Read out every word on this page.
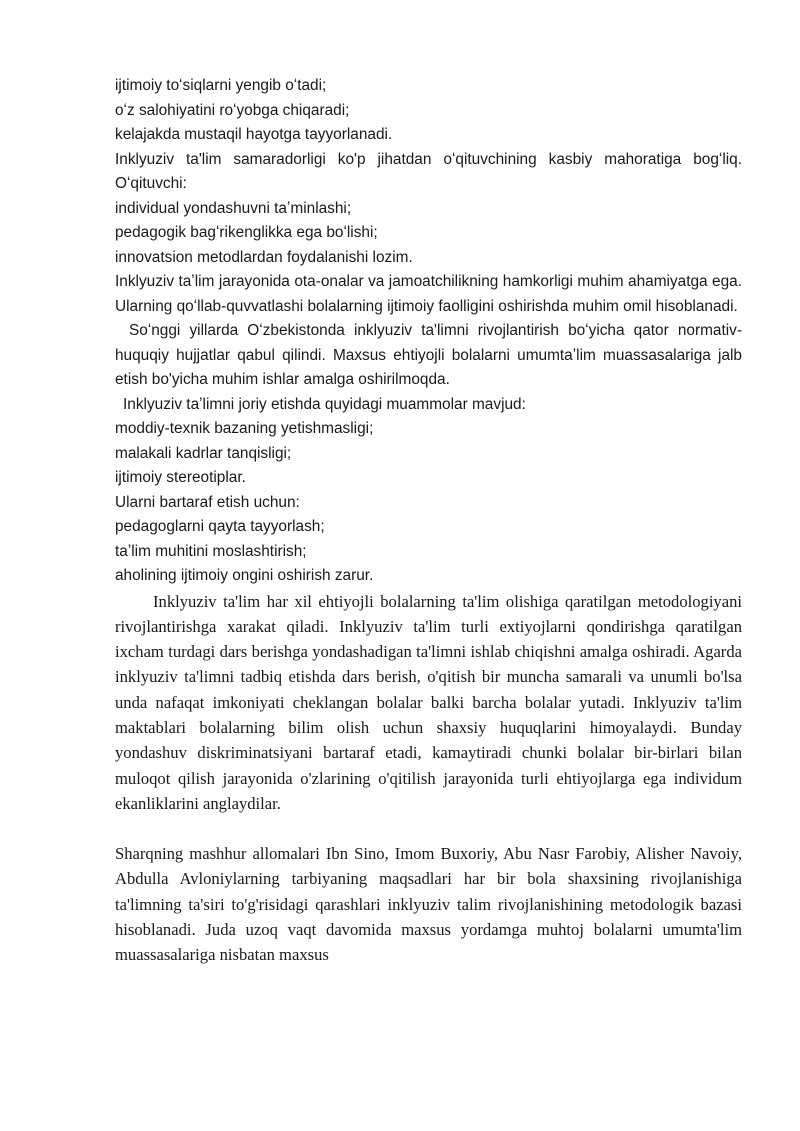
ijtimoiy toʻsiqlarni yengib oʻtadi;
oʻz salohiyatini roʻyobga chiqaradi;
kelajakda mustaqil hayotga tayyorlanadi.

Inklyuziv ta'lim samaradorligi ko'p jihatdan oʻqituvchining kasbiy mahoratiga bogʻliq. Oʻqituvchi:

individual yondashuvni taʼminlashi;
pedagogik bagʻrikenglikka ega boʻlishi;
innovatsion metodlardan foydalanishi lozim.

Inklyuziv taʼlim jarayonida ota-onalar va jamoatchilikning hamkorligi muhim ahamiyatga ega. Ularning qoʻllab-quvvatlashi bolalarning ijtimoiy faolligini oshirishda muhim omil hisoblanadi.

Soʻnggi yillarda Oʻzbekistonda inklyuziv ta'limni rivojlantirish boʻyicha qator normativ-huquqiy hujjatlar qabul qilindi. Maxsus ehtiyojli bolalarni umumtaʼlim muassasalariga jalb etish bo'yicha muhim ishlar amalga oshirilmoqda.

Inklyuziv taʼlimni joriy etishda quyidagi muammolar mavjud:
moddiy-texnik bazaning yetishmasligi;
malakali kadrlar tanqisligi;
ijtimoiy stereotiplar.
Ularni bartaraf etish uchun:
pedagoglarni qayta tayyorlash;
taʼlim muhitini moslashtirish;
aholining ijtimoiy ongini oshirish zarur.

Inklyuziv ta'lim har xil ehtiyojli bolalarning ta'lim olishiga qaratilgan metodologiyani rivojlantirishga xarakat qiladi. Inklyuziv ta'lim turli extiyojlarni qondirishga qaratilgan ixcham turdagi dars berishga yondashadigan ta'limni ishlab chiqishni amalga oshiradi. Agarda inklyuziv ta'limni tadbiq etishda dars berish, o'qitish bir muncha samarali va unumli bo'lsa unda nafaqat imkoniyati cheklangan bolalar balki barcha bolalar yutadi. Inklyuziv ta'lim maktablari bolalarning bilim olish uchun shaxsiy huquqlarini himoyalaydi. Bunday yondashuv diskriminatsiyani bartaraf etadi, kamaytiradi chunki bolalar bir-birlari bilan muloqot qilish jarayonida o'zlarining o'qitilish jarayonida turli ehtiyojlarga ega individum ekanliklarini anglaydilar.

Sharqning mashhur allomalari Ibn Sino, Imom Buxoriy, Abu Nasr Farobiy, Alisher Navoiy, Abdulla Avloniylarning tarbiyaning maqsadlari har bir bola shaxsining rivojlanishiga ta'limning ta'siri to'g'risidagi qarashlari inklyuziv talim rivojlanishining metodologik bazasi hisoblanadi. Juda uzoq vaqt davomida maxsus yordamga muhtoj bolalarni umumta'lim muassasalariga nisbatan maxsus
